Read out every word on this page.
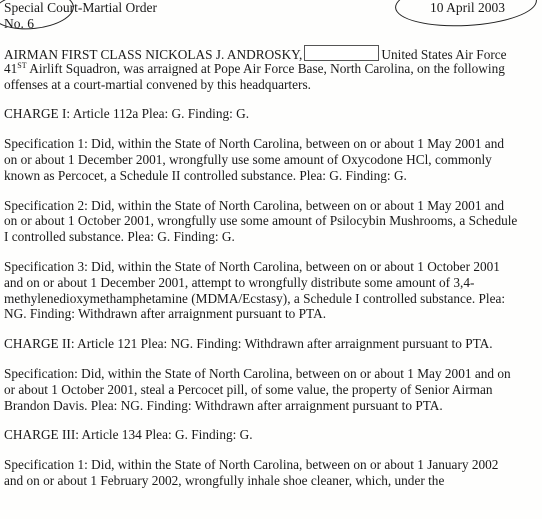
Special Court-Martial Order
No. 6
10 April 2003
AIRMAN FIRST CLASS NICKOLAS J. ANDROSKY,	United States Air Force
41ST Airlift Squadron, was arraigned at Pope Air Force Base, North Carolina, on the following
offenses at a court-martial convened by this headquarters.
CHARGE I: Article 112a Plea: G. Finding: G.
Specification 1: Did, within the State of North Carolina, between on or about 1 May 2001 and
on or about 1 December 2001, wrongfully use some amount of Oxycodone HCl, commonly
known as Percocet, a Schedule II controlled substance. Plea: G. Finding: G.
Specification 2: Did, within the State of North Carolina, between on or about 1 May 2001 and
on or about 1 October 2001, wrongfully use some amount of Psilocybin Mushrooms, a Schedule
I controlled substance. Plea: G. Finding: G.
Specification 3: Did, within the State of North Carolina, between on or about 1 October 2001
and on or about 1 December 2001, attempt to wrongfully distribute some amount of 3,4-
methylenedioxymethamphetamine (MDMA/Ecstasy), a Schedule I controlled substance. Plea:
NG. Finding: Withdrawn after arraignment pursuant to PTA.
CHARGE II: Article 121 Plea: NG. Finding: Withdrawn after arraignment pursuant to PTA.
Specification: Did, within the State of North Carolina, between on or about 1 May 2001 and on
or about 1 October 2001, steal a Percocet pill, of some value, the property of Senior Airman
Brandon Davis. Plea: NG. Finding: Withdrawn after arraignment pursuant to PTA.
CHARGE III: Article 134 Plea: G. Finding: G.
Specification 1: Did, within the State of North Carolina, between on or about 1 January 2002
and on or about 1 February 2002, wrongfully inhale shoe cleaner, which, under the
